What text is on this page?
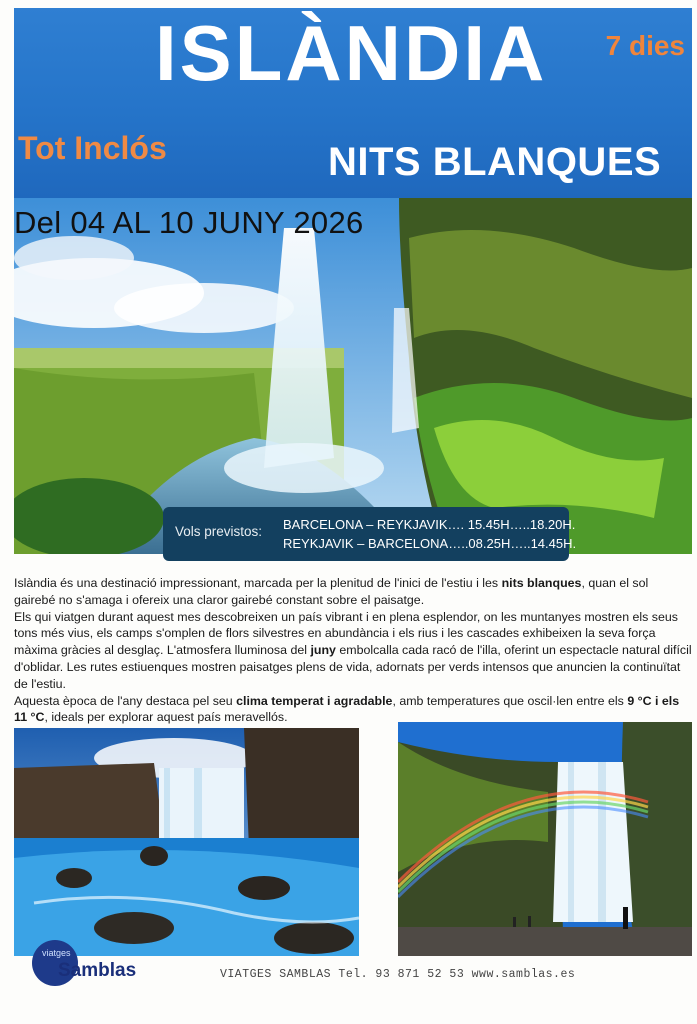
ISLÀNDIA 7 dies
Tot Inclós	NITS BLANQUES
Del 04 AL 10 JUNY 2026
Vols previstos: BARCELONA – REYKJAVIK…. 15.45H…..18.20H.
REYKJAVIK – BARCELONA…..08.25H…..14.45H.

Islàndia és una destinació impressionant, marcada per la plenitud de l'inici de l'estiu i les nits blanques, quan el sol gairebé no s'amaga i ofereix una claror gairebé constant sobre el paisatge.

Els qui viatgen durant aquest mes descobreixen un país vibrant i en plena esplendor, on les muntanyes mostren els seus tons més vius, els camps s'omplen de flors silvestres en abundància i els rius i les cascades exhibeixen la seva força màxima gràcies al desglaç. L'atmosfera lluminosa del juny embolcalla cada racó de l'illa, oferint un espectacle natural difícil d'oblidar. Les rutes estiuenques mostren paisatges plens de vida, adornats per verds intensos que anuncien la continuïtat de l'estiu.

Aquesta època de l'any destaca pel seu clima temperat i agradable, amb temperatures que oscil·len entre els 9 °C i els 11 °C, ideals per explorar aquest país meravellós.

viatges
Samblas	VIATGES SAMBLAS Tel. 93 871 52 53 www.samblas.es
